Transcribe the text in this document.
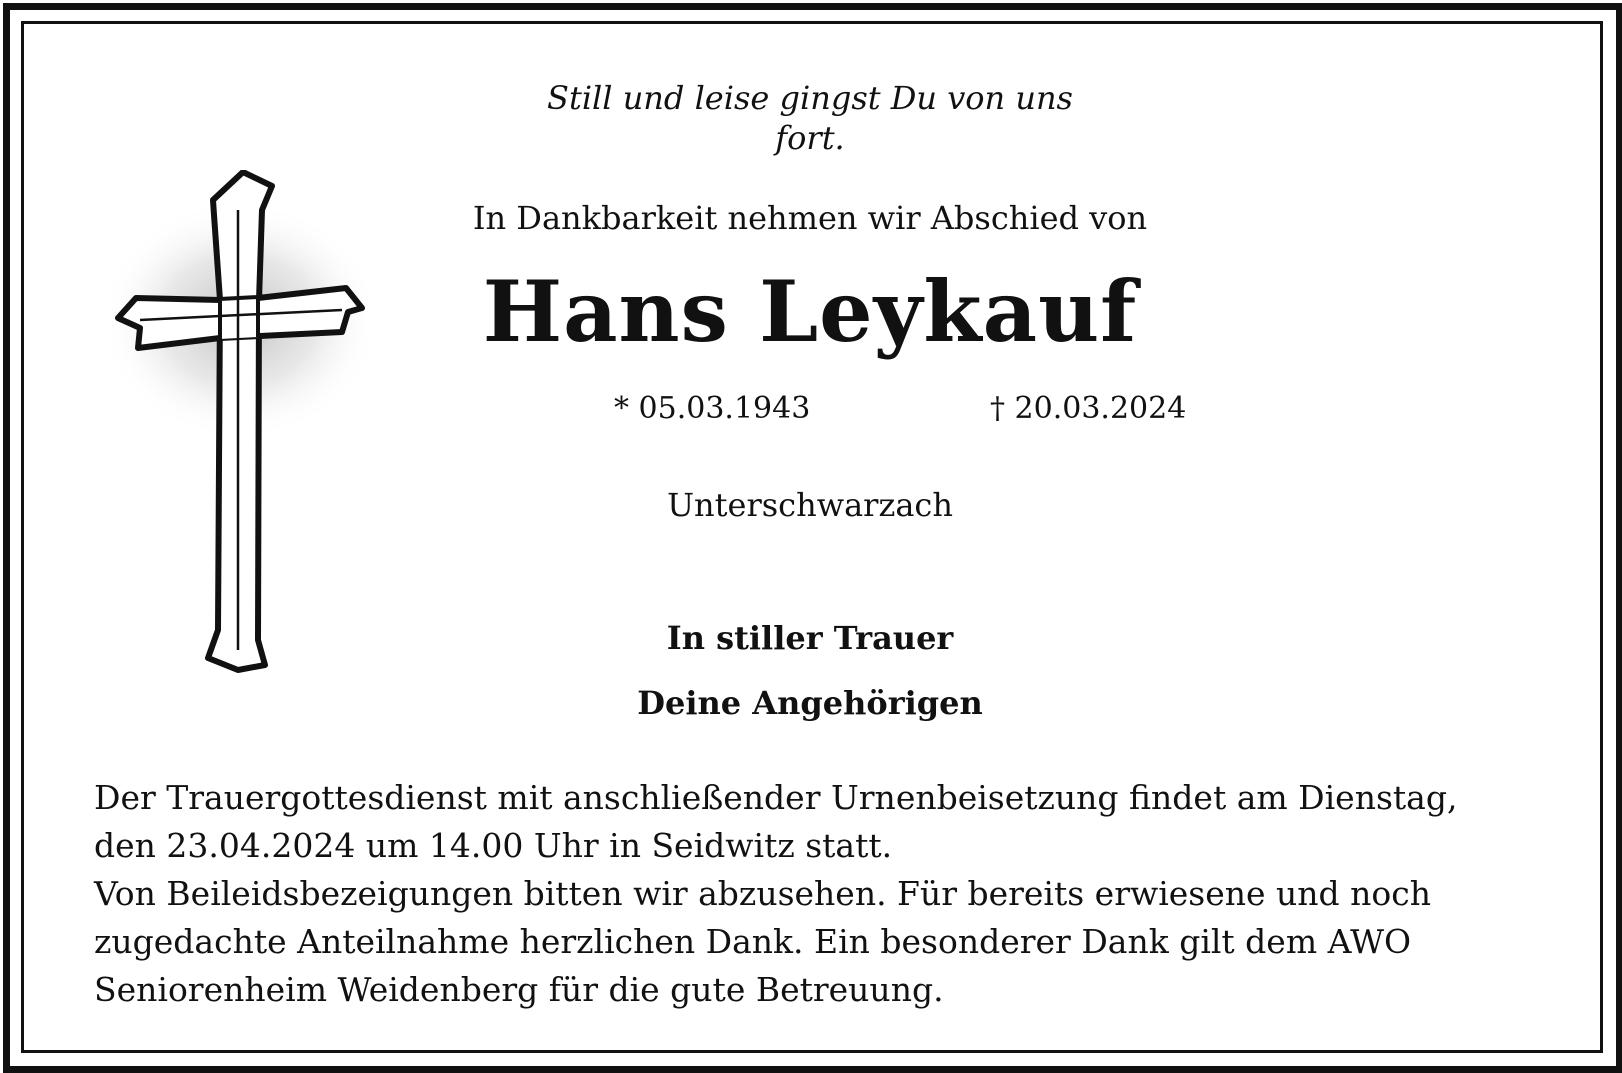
Still und leise gingst Du von uns fort.
In Dankbarkeit nehmen wir Abschied von
Hans Leykauf
* 05.03.1943	† 20.03.2024
Unterschwarzach
In stiller Trauer
Deine Angehörigen
Der Trauergottesdienst mit anschließender Urnenbeisetzung findet am Dienstag,
den 23.04.2024 um 14.00 Uhr in Seidwitz statt.
Von Beileidsbezeigungen bitten wir abzusehen. Für bereits erwiesene und noch
zugedachte Anteilnahme herzlichen Dank. Ein besonderer Dank gilt dem AWO
Seniorenheim Weidenberg für die gute Betreuung.
